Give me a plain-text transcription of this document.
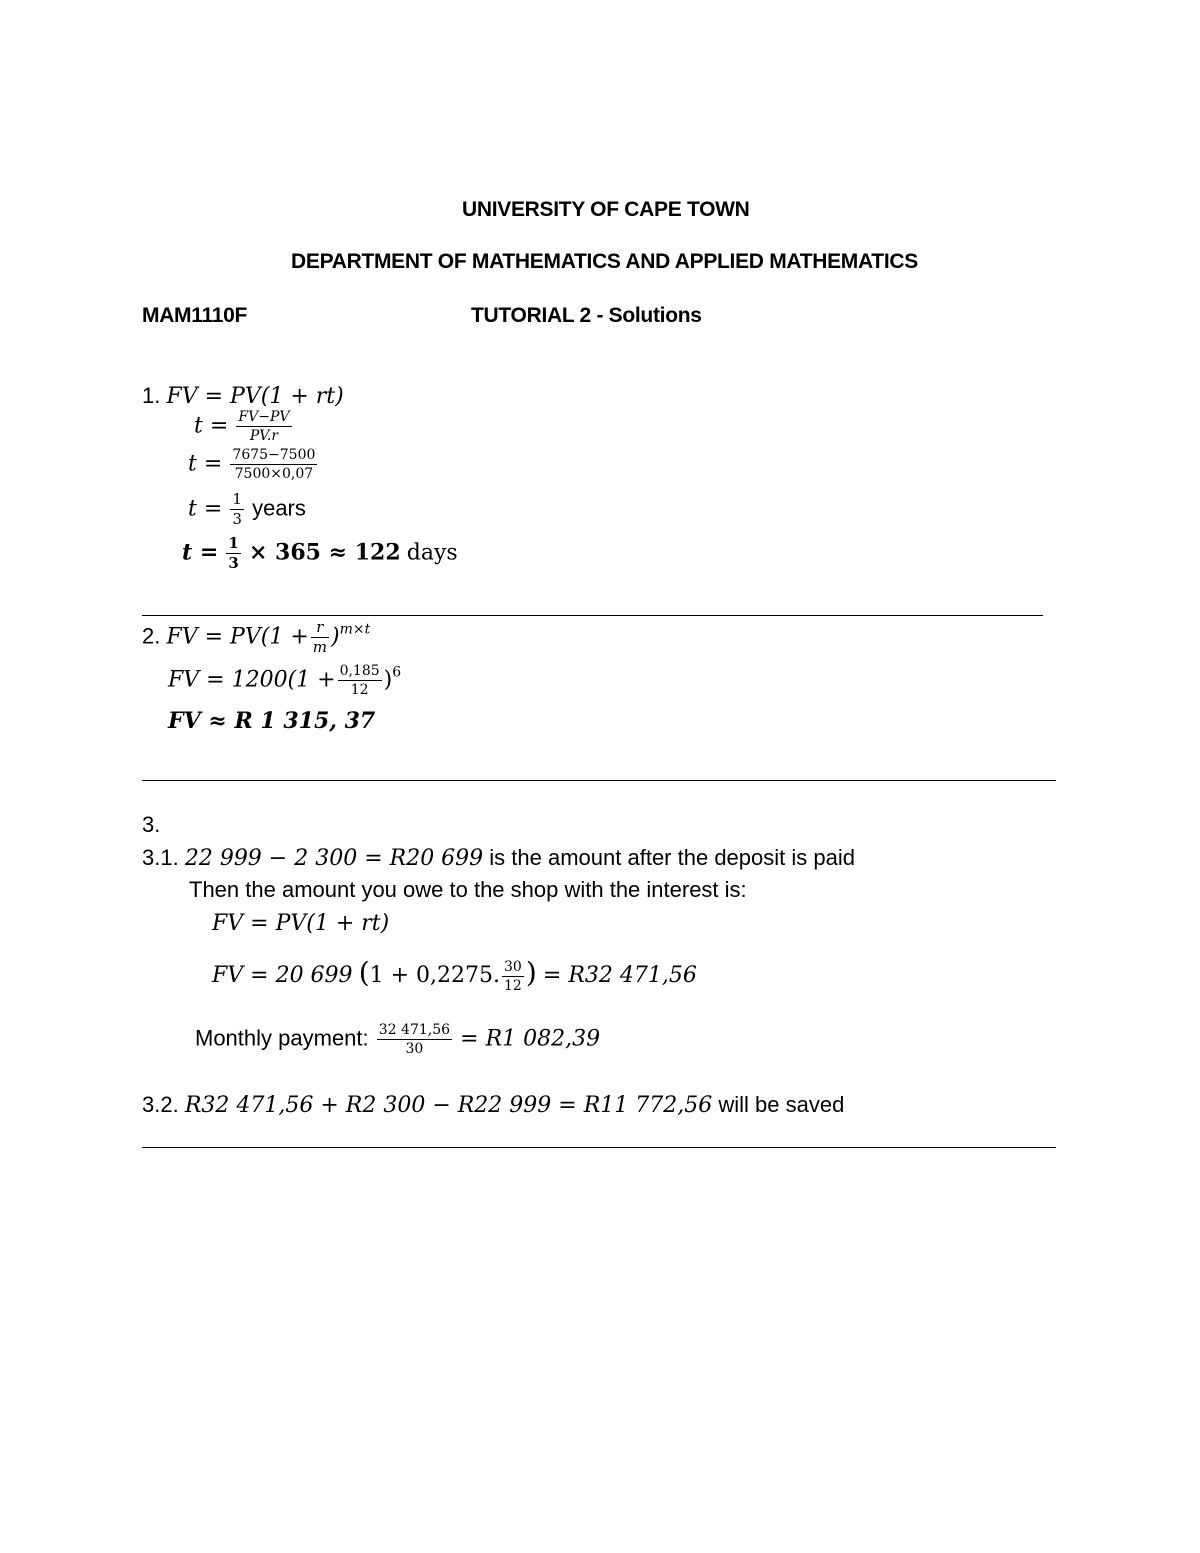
UNIVERSITY OF CAPE TOWN
DEPARTMENT OF MATHEMATICS AND APPLIED MATHEMATICS
MAM1110F	TUTORIAL 2 - Solutions
1. FV = PV(1 + rt)
$t = \frac{FV-PV}{PV.r}$
$t = \frac{7675-7500}{7500\times 0,07}$
$t = \frac{1}{3}$ years
$t = \frac{1}{3} \times 365 \approx 122$ days
2. FV = $PV(1 + \frac{r}{m} )^{m\times t}$
FV = $1200(1 + \frac{0,185}{12} )^6$
FV ≈ R 1 315, 37
3.
3.1. 22 999 − 2 300 = R20 699 is the amount after the deposit is paid
Then the amount you owe to the shop with the interest is:
FV = PV(1 + rt)
FV = 20 699 (1 + 0,2275. $\frac{30}{12}$ ) = R32 471,56
Monthly payment: $\frac{32 471,56}{30} = R1$ 082,39
3.2. R32 471,56 + R2 300 − R22 999 = R11 772,56 will be saved
